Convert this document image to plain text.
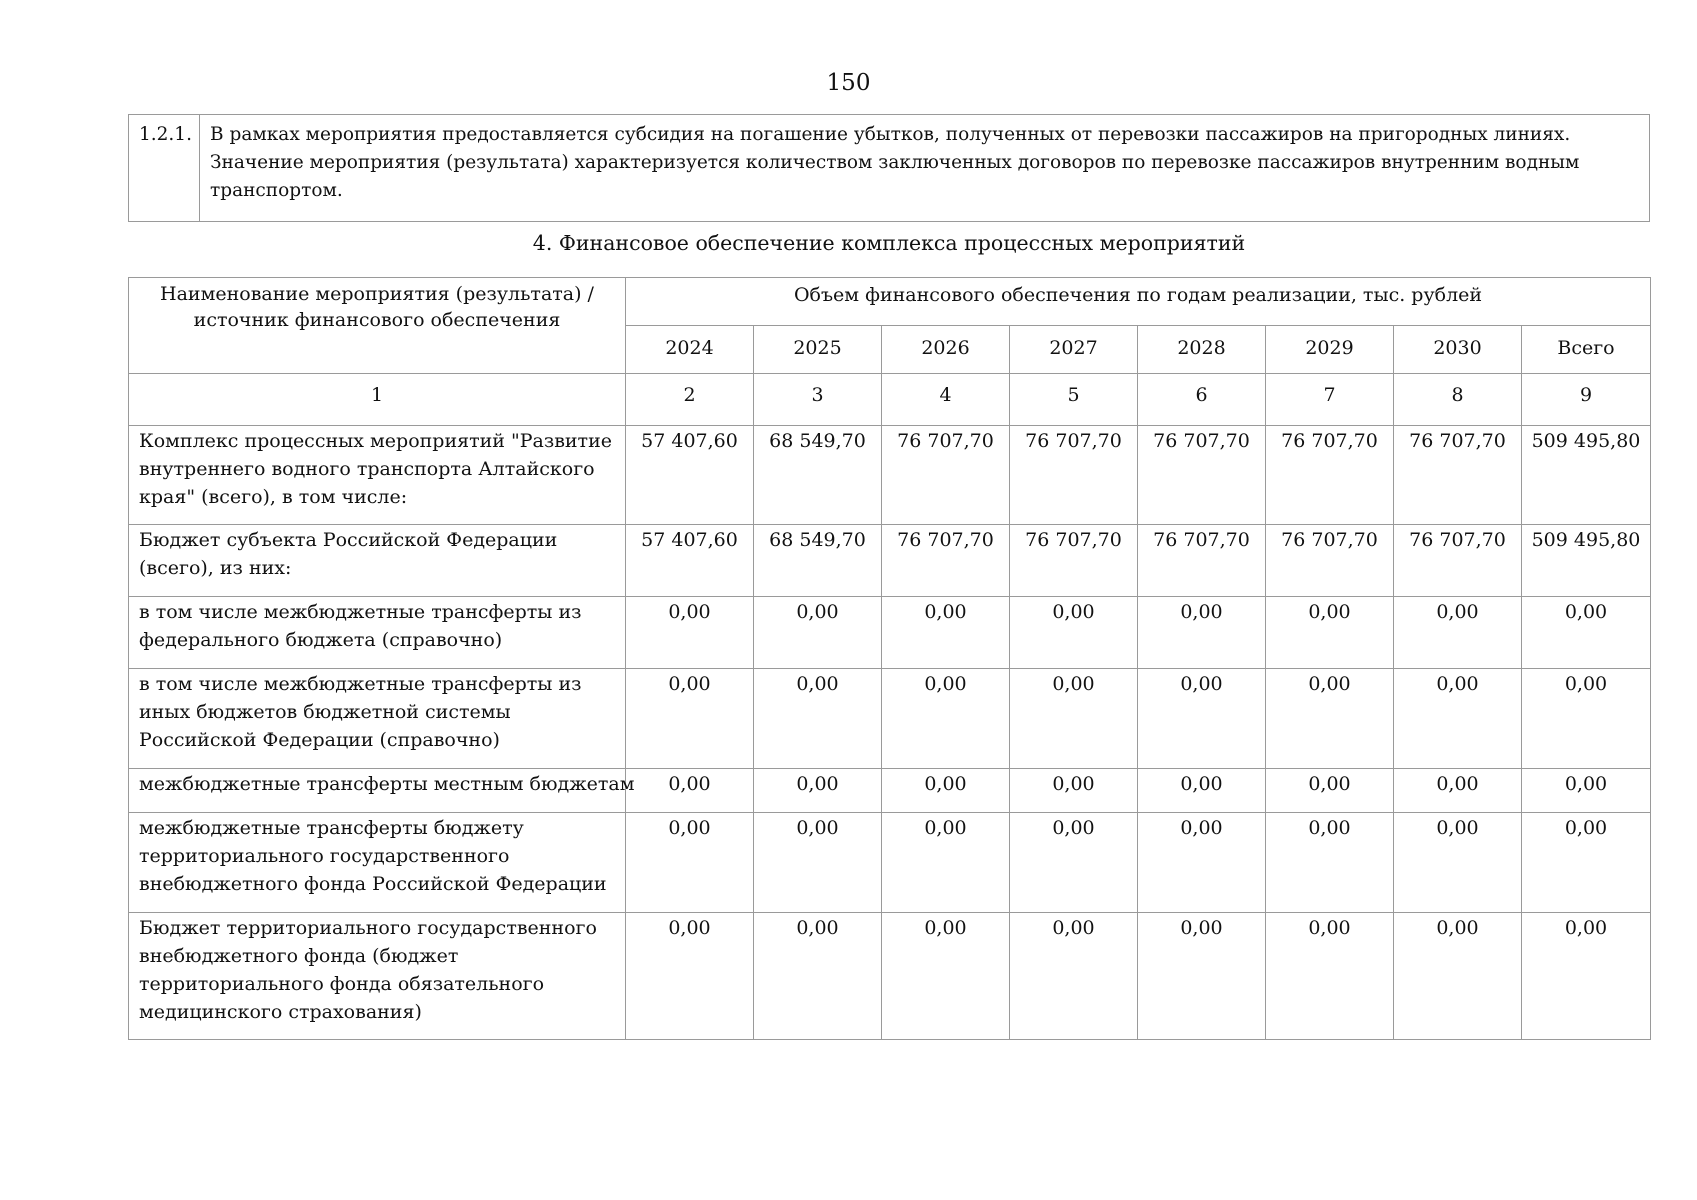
150
1.2.1.	В рамках мероприятия предоставляется субсидия на погашение убытков, полученных от перевозки пассажиров на пригородных линиях. Значение мероприятия (результата) характеризуется количеством заключенных договоров по перевозке пассажиров внутренним водным транспортом.
4. Финансовое обеспечение комплекса процессных мероприятий
Наименование мероприятия (результата) / источник финансового обеспечения	Объем финансового обеспечения по годам реализации, тыс. рублей							
	2024	2025	2026	2027	2028	2029	2030	Всего
1	2	3	4	5	6	7	8	9
Комплекс процессных мероприятий "Развитие внутреннего водного транспорта Алтайского края" (всего), в том числе:	57 407,60	68 549,70	76 707,70	76 707,70	76 707,70	76 707,70	76 707,70	509 495,80
Бюджет субъекта Российской Федерации (всего), из них:	57 407,60	68 549,70	76 707,70	76 707,70	76 707,70	76 707,70	76 707,70	509 495,80
в том числе межбюджетные трансферты из федерального бюджета (справочно)	0,00	0,00	0,00	0,00	0,00	0,00	0,00	0,00
в том числе межбюджетные трансферты из иных бюджетов бюджетной системы Российской Федерации (справочно)	0,00	0,00	0,00	0,00	0,00	0,00	0,00	0,00
межбюджетные трансферты местным бюджетам	0,00	0,00	0,00	0,00	0,00	0,00	0,00	0,00
межбюджетные трансферты бюджету территориального государственного внебюджетного фонда Российской Федерации	0,00	0,00	0,00	0,00	0,00	0,00	0,00	0,00
Бюджет территориального государственного внебюджетного фонда (бюджет территориального фонда обязательного медицинского страхования)	0,00	0,00	0,00	0,00	0,00	0,00	0,00	0,00
